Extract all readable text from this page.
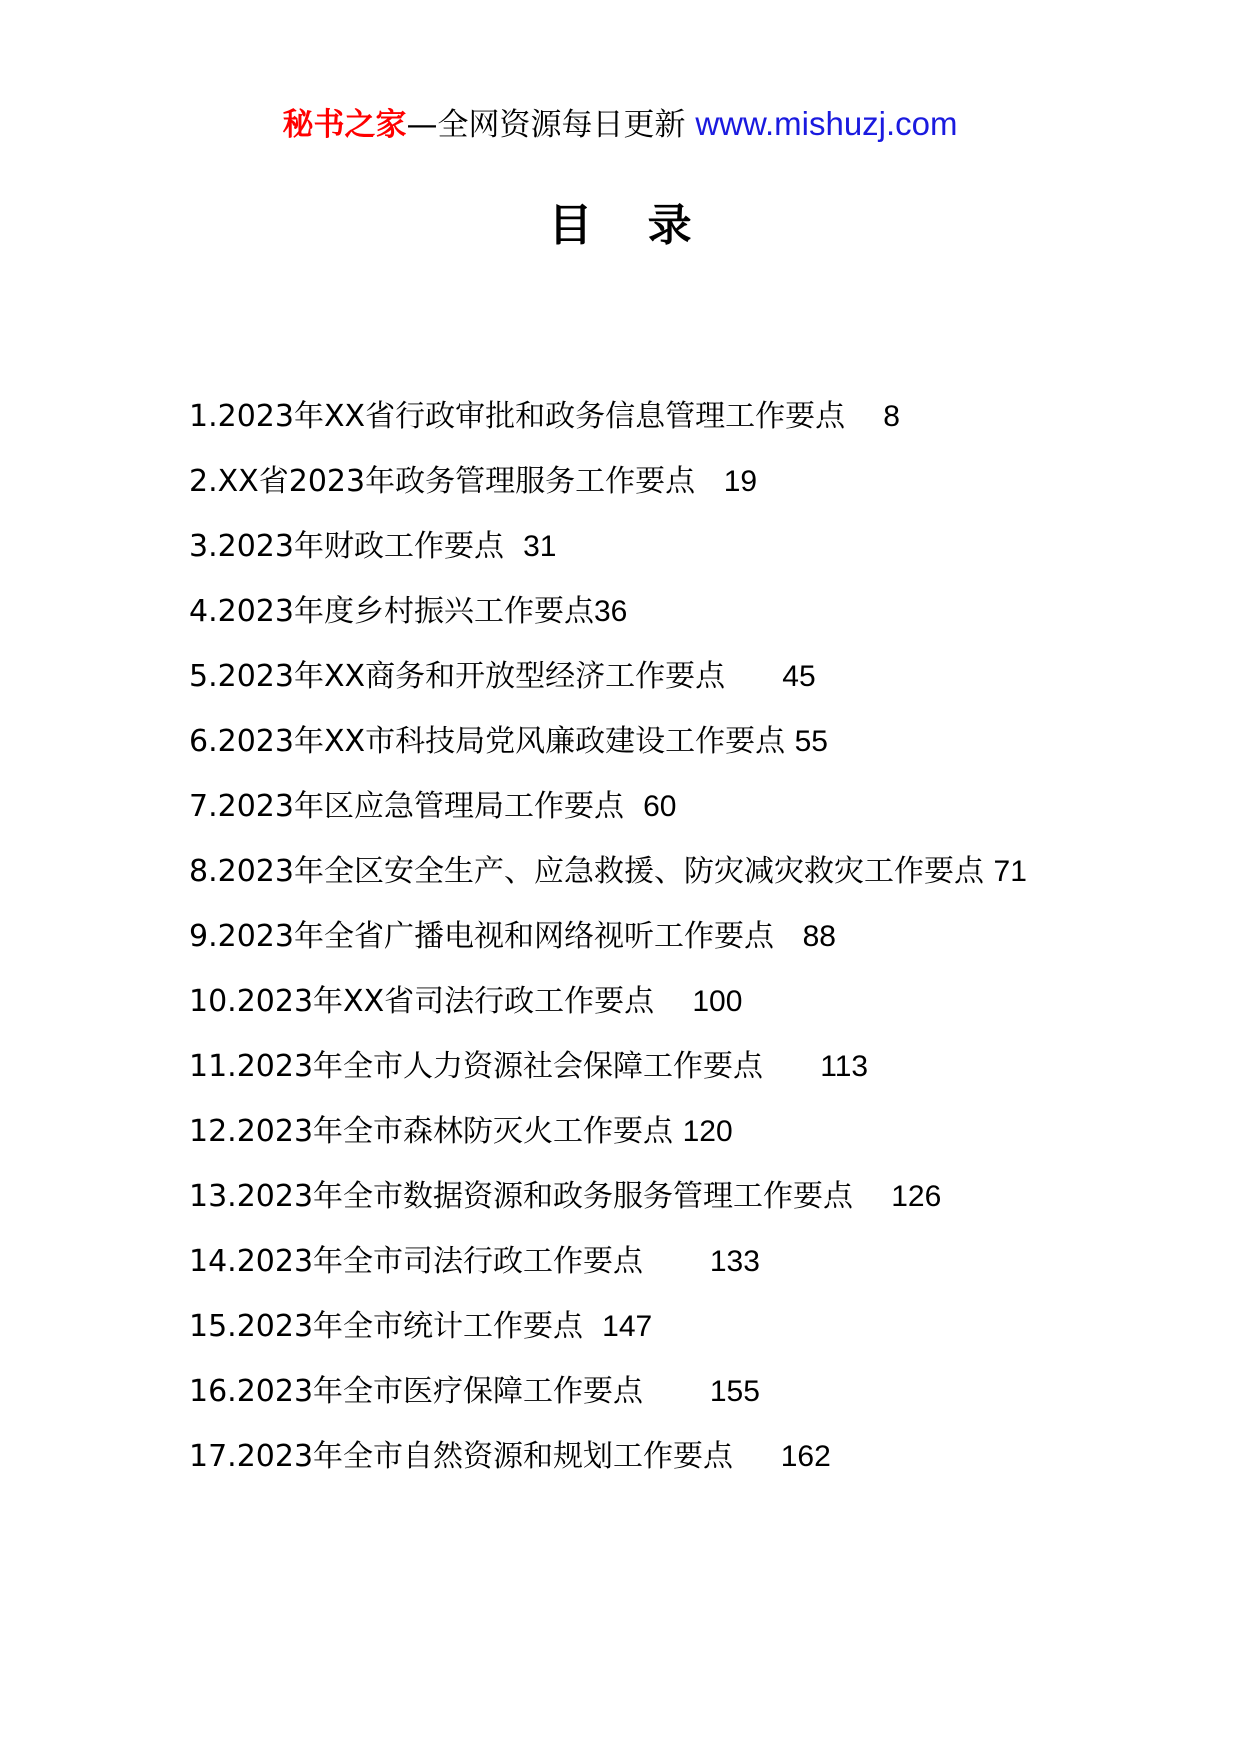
秘书之家—全网资源每日更新 www.mishuzj.com
目 录
1.2023年XX省行政审批和政务信息管理工作要点 8
2.XX省2023年政务管理服务工作要点 19
3.2023年财政工作要点 31
4.2023年度乡村振兴工作要点36
5.2023年XX商务和开放型经济工作要点 45
6.2023年XX市科技局党风廉政建设工作要点 55
7.2023年区应急管理局工作要点 60
8.2023年全区安全生产、应急救援、防灾减灾救灾工作要点 71
9.2023年全省广播电视和网络视听工作要点 88
10.2023年XX省司法行政工作要点 100
11.2023年全市人力资源社会保障工作要点 113
12.2023年全市森林防灭火工作要点 120
13.2023年全市数据资源和政务服务管理工作要点 126
14.2023年全市司法行政工作要点 133
15.2023年全市统计工作要点 147
16.2023年全市医疗保障工作要点 155
17.2023年全市自然资源和规划工作要点 162
